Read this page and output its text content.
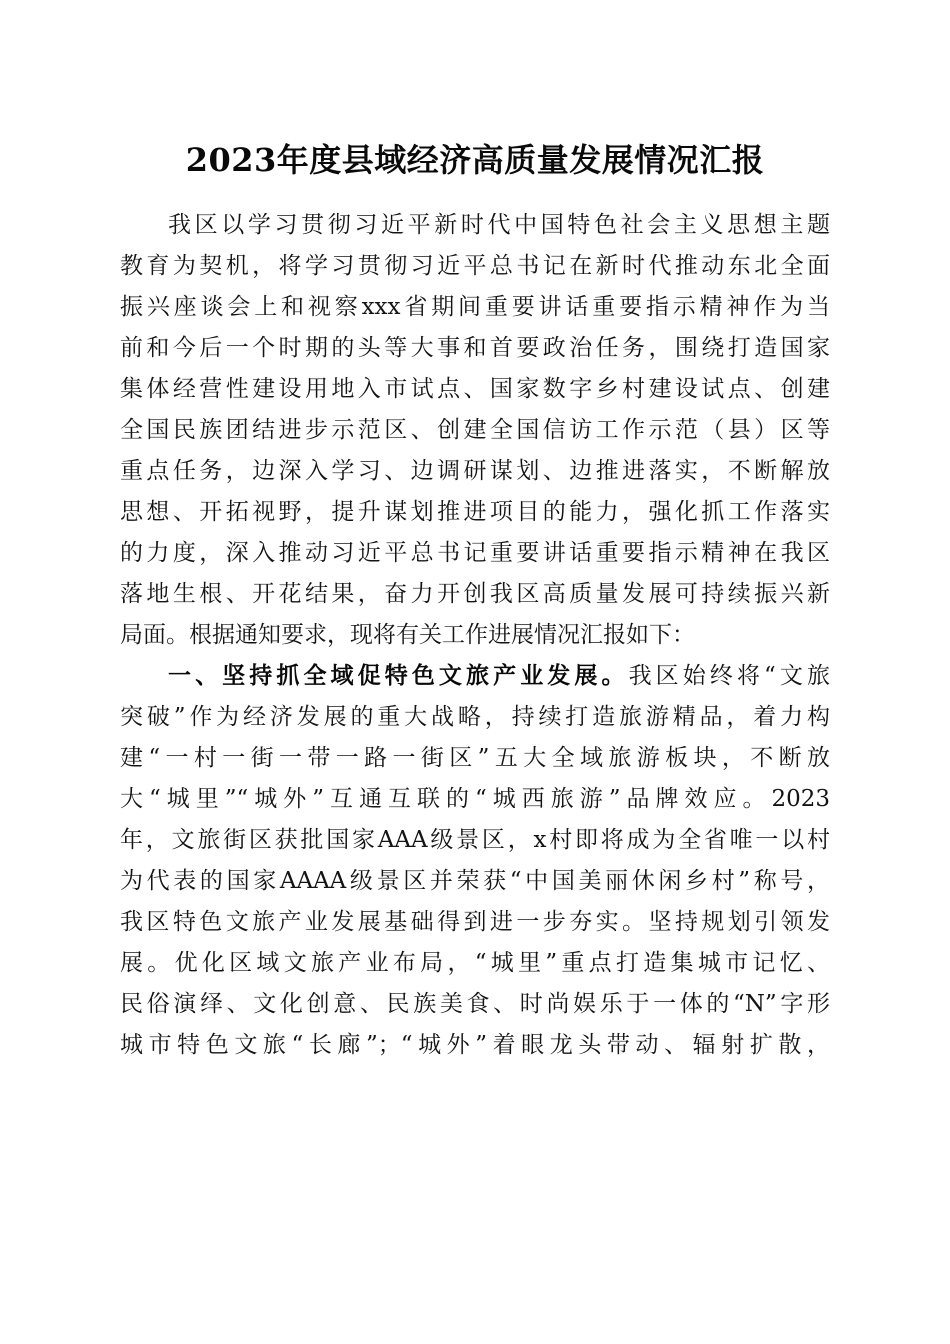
2023年度县域经济高质量发展情况汇报
我区以学习贯彻习近平新时代中国特色社会主义思想主题
教育为契机，将学习贯彻习近平总书记在新时代推动东北全面
振兴座谈会上和视察xxx省期间重要讲话重要指示精神作为当
前和今后一个时期的头等大事和首要政治任务，围绕打造国家
集体经营性建设用地入市试点、国家数字乡村建设试点、创建
全国民族团结进步示范区、创建全国信访工作示范（县）区等
重点任务，边深入学习、边调研谋划、边推进落实，不断解放
思想、开拓视野，提升谋划推进项目的能力，强化抓工作落实
的力度，深入推动习近平总书记重要讲话重要指示精神在我区
落地生根、开花结果，奋力开创我区高质量发展可持续振兴新
局面。根据通知要求，现将有关工作进展情况汇报如下：
一、坚持抓全域促特色文旅产业发展。我区始终将“文旅
突破”作为经济发展的重大战略，持续打造旅游精品，着力构
建“一村一街一带一路一街区”五大全域旅游板块，不断放
大“城里”“城外”互通互联的“城西旅游”品牌效应。2023
年，文旅街区获批国家AAA级景区，x村即将成为全省唯一以村
为代表的国家AAAA级景区并荣获“中国美丽休闲乡村”称号，
我区特色文旅产业发展基础得到进一步夯实。坚持规划引领发
展。优化区域文旅产业布局，“城里”重点打造集城市记忆、
民俗演绎、文化创意、民族美食、时尚娱乐于一体的“N”字形
城市特色文旅“长廊”；“城外”着眼龙头带动、辐射扩散，
